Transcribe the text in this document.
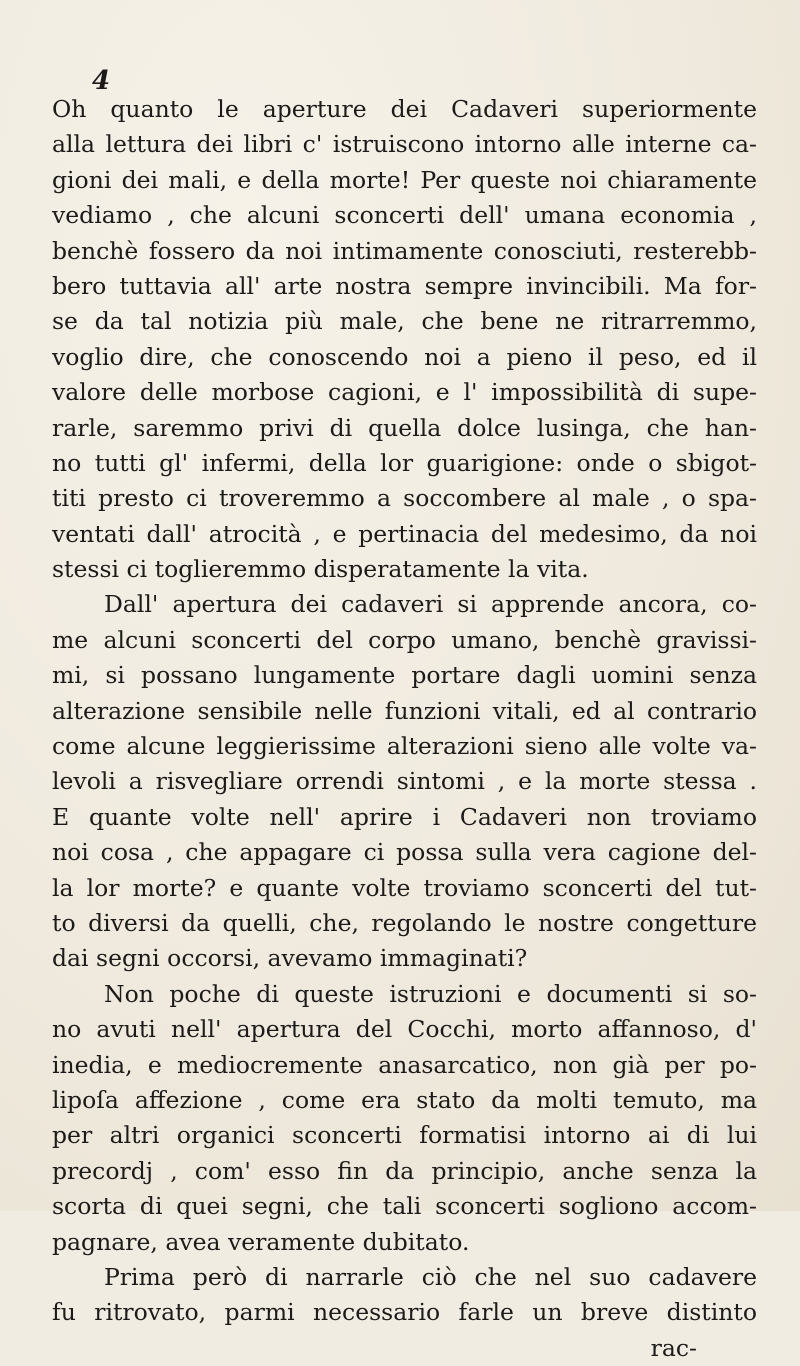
4
Oh quanto le aperture dei Cadaveri superiormente
alla lettura dei libri c' istruiscono intorno alle interne ca-
gioni dei mali, e della morte! Per queste noi chiaramente
vediamo , che alcuni sconcerti dell' umana economia ,
benchè fossero da noi intimamente conosciuti, resterebb-
bero tuttavia all' arte nostra sempre invincibili. Ma for-
se da tal notizia più male, che bene ne ritrarremmo,
voglio dire, che conoscendo noi a pieno il peso, ed il
valore delle morbose cagioni, e l' impossibilità di supe-
rarle, saremmo privi di quella dolce lusinga, che han-
no tutti gl' infermi, della lor guarigione: onde o sbigot-
titi presto ci troveremmo a soccombere al male , o spa-
ventati dall' atrocità , e pertinacia del medesimo, da noi
stessi ci toglieremmo disperatamente la vita.
Dall' apertura dei cadaveri si apprende ancora, co-
me alcuni sconcerti del corpo umano, benchè gravissi-
mi, si possano lungamente portare dagli uomini senza
alterazione sensibile nelle funzioni vitali, ed al contrario
come alcune leggierissime alterazioni sieno alle volte va-
levoli a risvegliare orrendi sintomi , e la morte stessa .
E quante volte nell' aprire i Cadaveri non troviamo
noi cosa , che appagare ci possa sulla vera cagione del-
la lor morte? e quante volte troviamo sconcerti del tut-
to diversi da quelli, che, regolando le nostre congetture
dai segni occorsi, avevamo immaginati?
Non poche di queste istruzioni e documenti si so-
no avuti nell' apertura del Cocchi, morto affannoso, d'
inedia, e mediocremente anasarcatico, non già per po-
lipoſa affezione , come era stato da molti temuto, ma
per altri organici sconcerti formatisi intorno ai di lui
precordj , com' esso fin da principio, anche senza la
scorta di quei segni, che tali sconcerti sogliono accom-
pagnare, avea veramente dubitato.
Prima però di narrarle ciò che nel suo cadavere
fu ritrovato, parmi necessario farle un breve distinto
rac-
